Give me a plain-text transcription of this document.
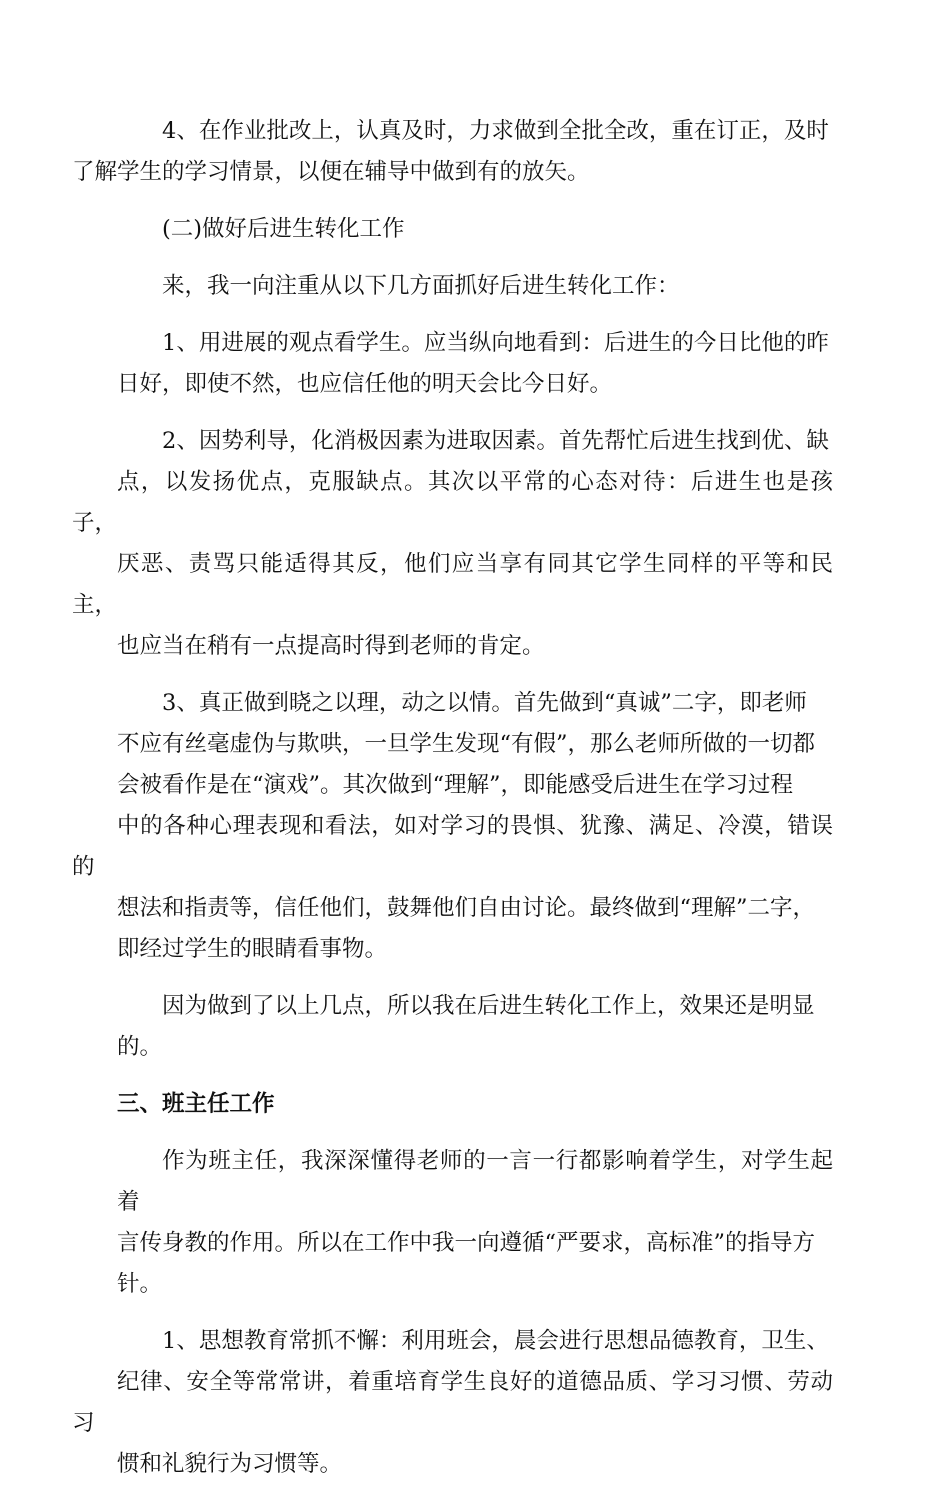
4、在作业批改上，认真及时，力求做到全批全改，重在订正，及时
了解学生的学习情景，以便在辅导中做到有的放矢。

(二)做好后进生转化工作

来，我一向注重从以下几方面抓好后进生转化工作：

1、用进展的观点看学生。应当纵向地看到：后进生的今日比他的昨
日好，即使不然，也应信任他的明天会比今日好。

2、因势利导，化消极因素为进取因素。首先帮忙后进生找到优、缺
点，以发扬优点，克服缺点。其次以平常的心态对待：后进生也是孩子，
厌恶、责骂只能适得其反，他们应当享有同其它学生同样的平等和民主，
也应当在稍有一点提高时得到老师的肯定。

3、真正做到晓之以理，动之以情。首先做到“真诚”二字，即老师
不应有丝毫虚伪与欺哄，一旦学生发现“有假”，那么老师所做的一切都
会被看作是在“演戏”。其次做到“理解”，即能感受后进生在学习过程
中的各种心理表现和看法，如对学习的畏惧、犹豫、满足、冷漠，错误的
想法和指责等，信任他们，鼓舞他们自由讨论。最终做到“理解”二字，
即经过学生的眼睛看事物。

因为做到了以上几点，所以我在后进生转化工作上，效果还是明显
的。

三、班主任工作

作为班主任，我深深懂得老师的一言一行都影响着学生，对学生起着
言传身教的作用。所以在工作中我一向遵循“严要求，高标准”的指导方
针。

1、思想教育常抓不懈：利用班会，晨会进行思想品德教育，卫生、
纪律、安全等常常讲，着重培育学生良好的道德品质、学习习惯、劳动习
惯和礼貌行为习惯等。
